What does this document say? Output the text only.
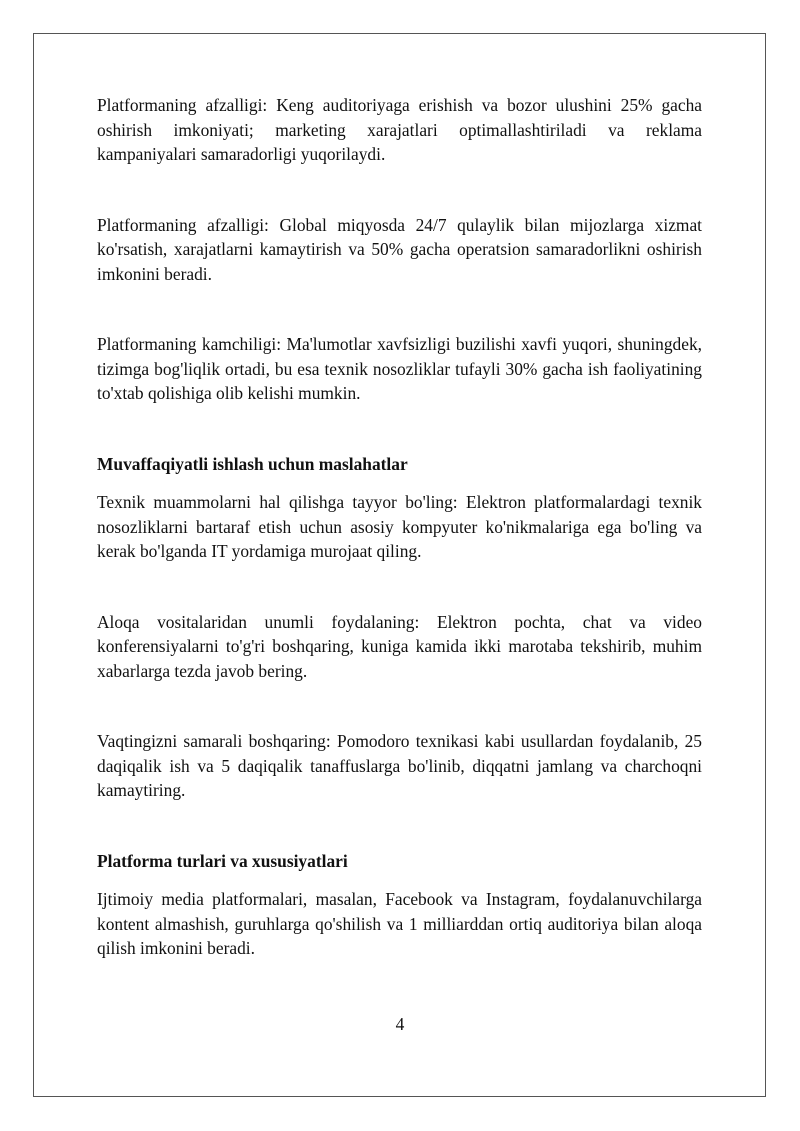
Platformaning afzalligi: Keng auditoriyaga erishish va bozor ulushini 25% gacha oshirish imkoniyati; marketing xarajatlari optimallashtiriladi va reklama kampaniyalari samaradorligi yuqorilaydi.

Platformaning afzalligi: Global miqyosda 24/7 qulaylik bilan mijozlarga xizmat ko'rsatish, xarajatlarni kamaytirish va 50% gacha operatsion samaradorlikni oshirish imkonini beradi.

Platformaning kamchiligi: Ma'lumotlar xavfsizligi buzilishi xavfi yuqori, shuningdek, tizimga bog'liqlik ortadi, bu esa texnik nosozliklar tufayli 30% gacha ish faoliyatining to'xtab qolishiga olib kelishi mumkin.

Muvaffaqiyatli ishlash uchun maslahatlar

Texnik muammolarni hal qilishga tayyor bo'ling: Elektron platformalardagi texnik nosozliklarni bartaraf etish uchun asosiy kompyuter ko'nikmalariga ega bo'ling va kerak bo'lganda IT yordamiga murojaat qiling.

Aloqa vositalaridan unumli foydalaning: Elektron pochta, chat va video konferensiyalarni to'g'ri boshqaring, kuniga kamida ikki marotaba tekshirib, muhim xabarlarga tezda javob bering.

Vaqtingizni samarali boshqaring: Pomodoro texnikasi kabi usullardan foydalanib, 25 daqiqalik ish va 5 daqiqalik tanaffuslarga bo'linib, diqqatni jamlang va charchoqni kamaytiring.

Platforma turlari va xususiyatlari

Ijtimoiy media platformalari, masalan, Facebook va Instagram, foydalanuvchilarga kontent almashish, guruhlarga qo'shilish va 1 milliarddan ortiq auditoriya bilan aloqa qilish imkonini beradi.

4
